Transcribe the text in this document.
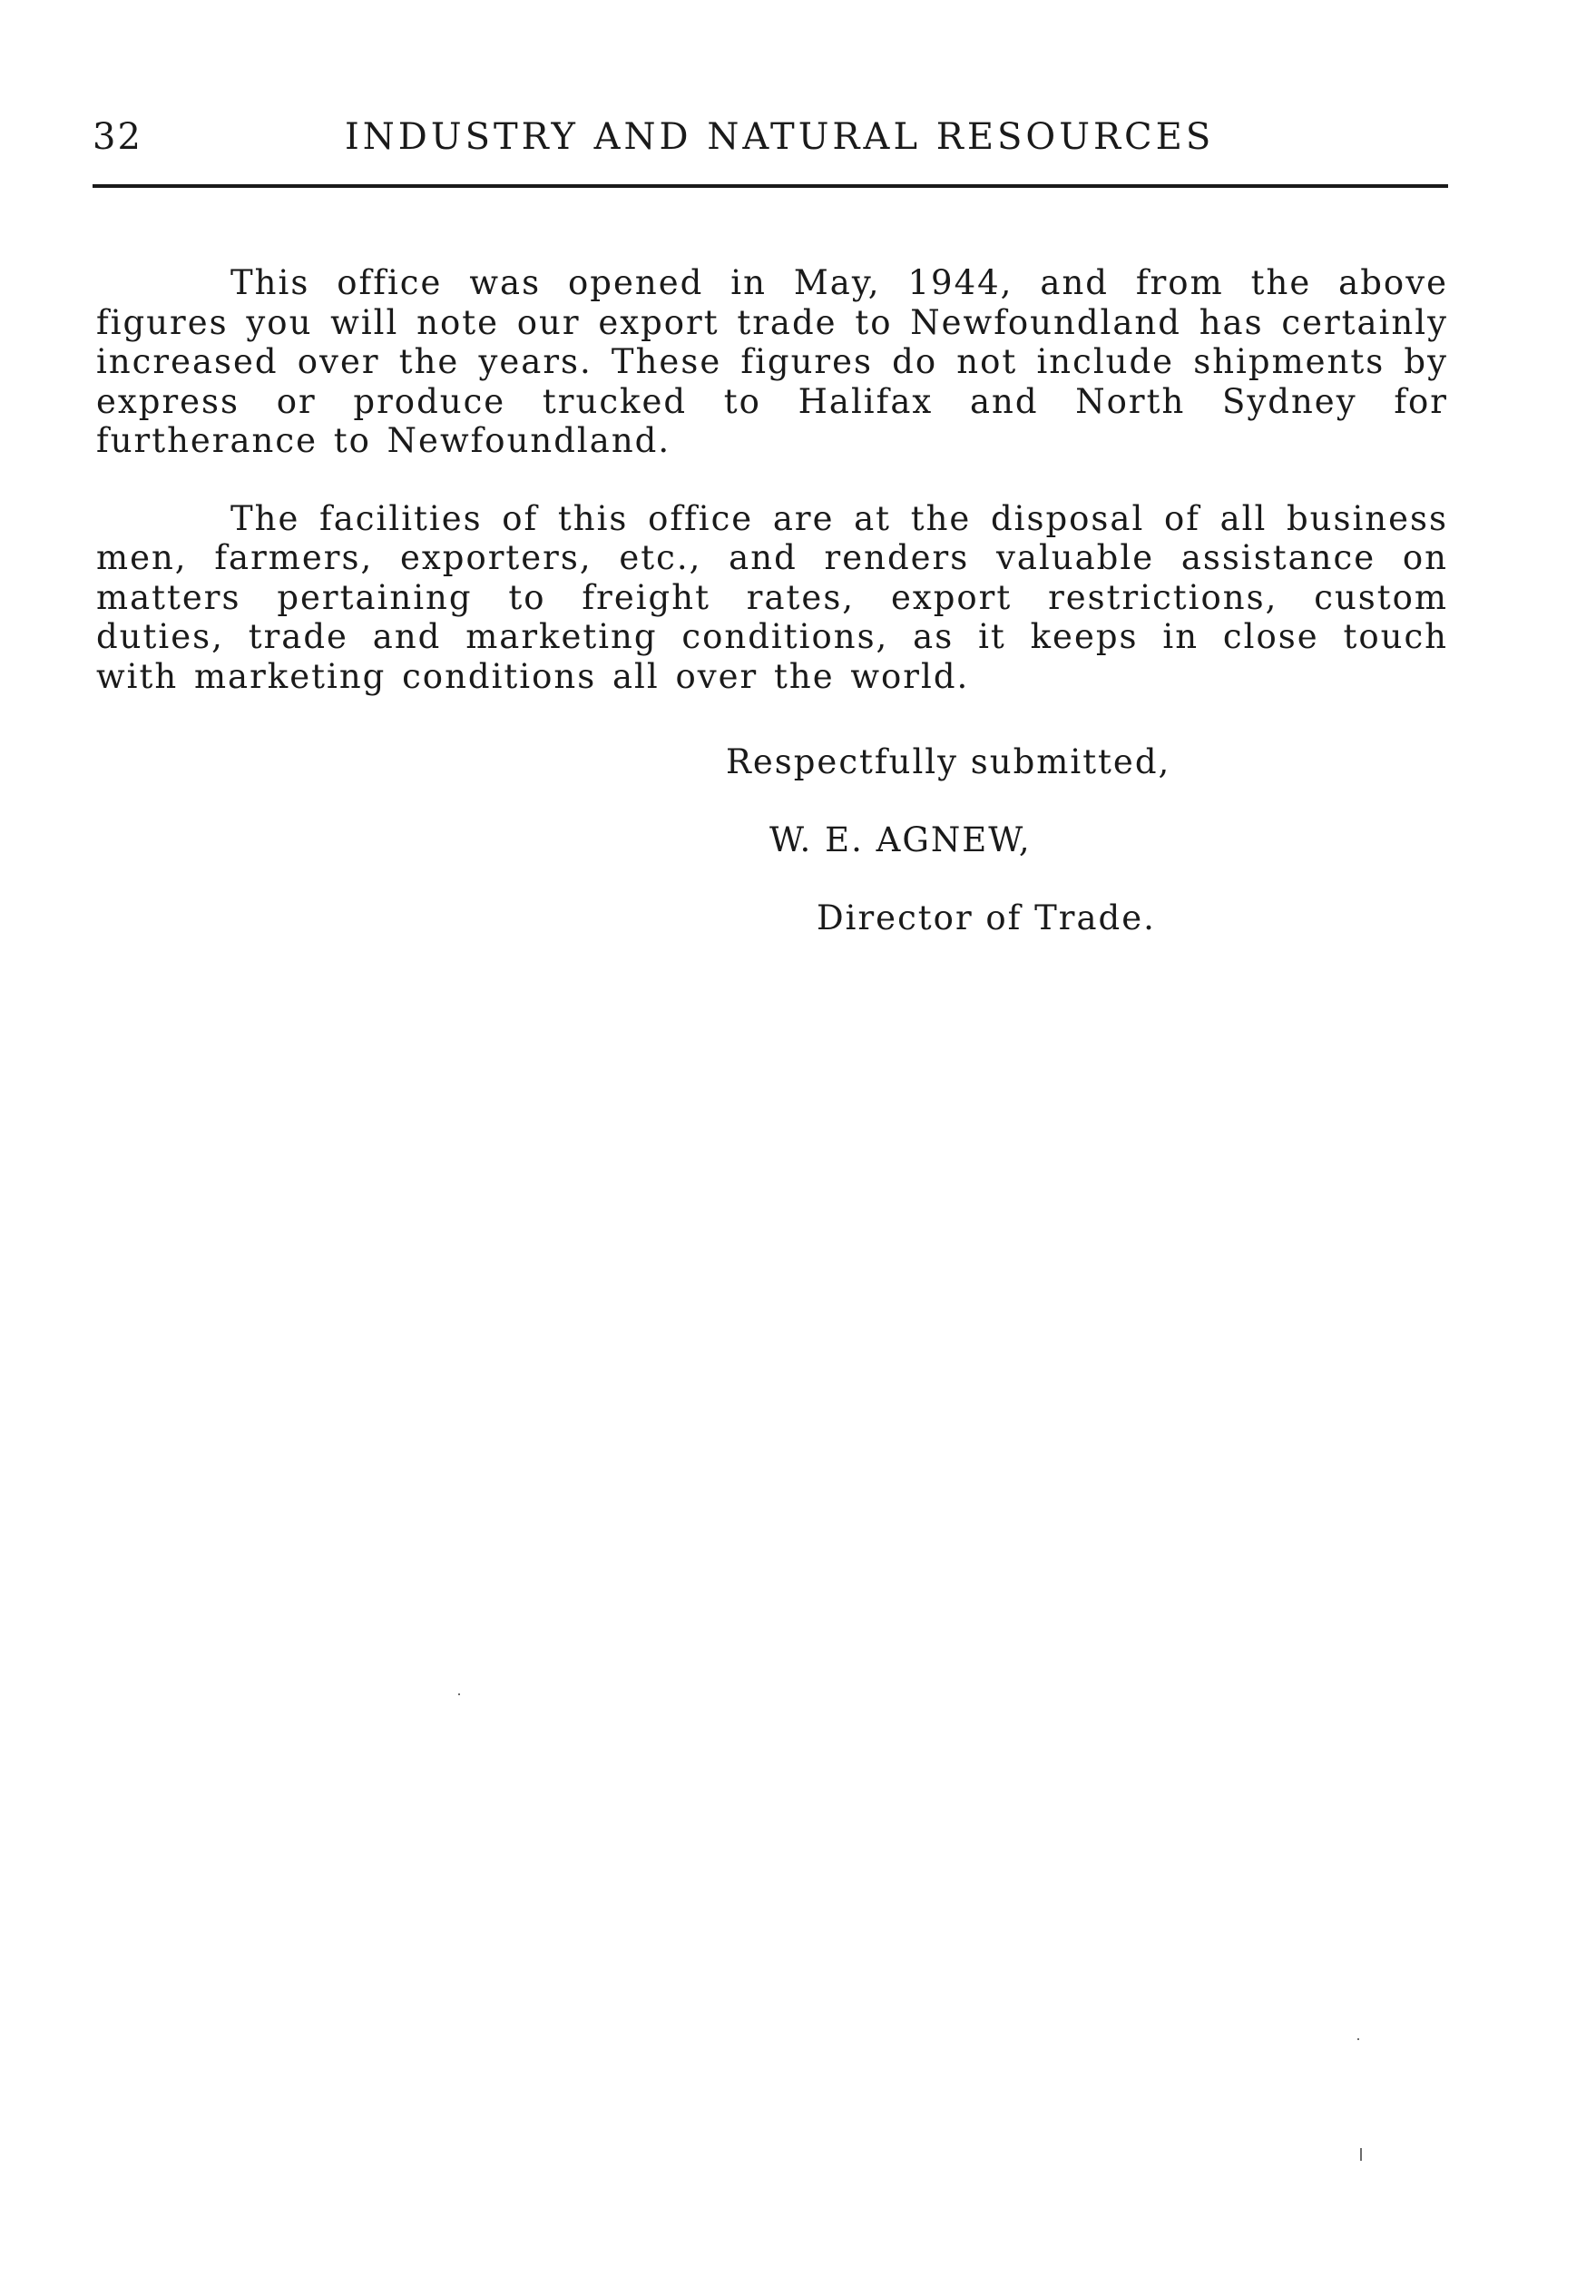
32	INDUSTRY AND NATURAL RESOURCES

This office was opened in May, 1944, and from the above figures you will note our export trade to Newfoundland has certainly increased over the years. These figures do not include shipments by express or produce trucked to Halifax and North Sydney for furtherance to Newfoundland.

The facilities of this office are at the disposal of all business men, farmers, exporters, etc., and renders valuable assistance on matters pertaining to freight rates, export restrictions, custom duties, trade and marketing conditions, as it keeps in close touch with marketing conditions all over the world.

Respectfully submitted,
W. E. AGNEW,
Director of Trade.
